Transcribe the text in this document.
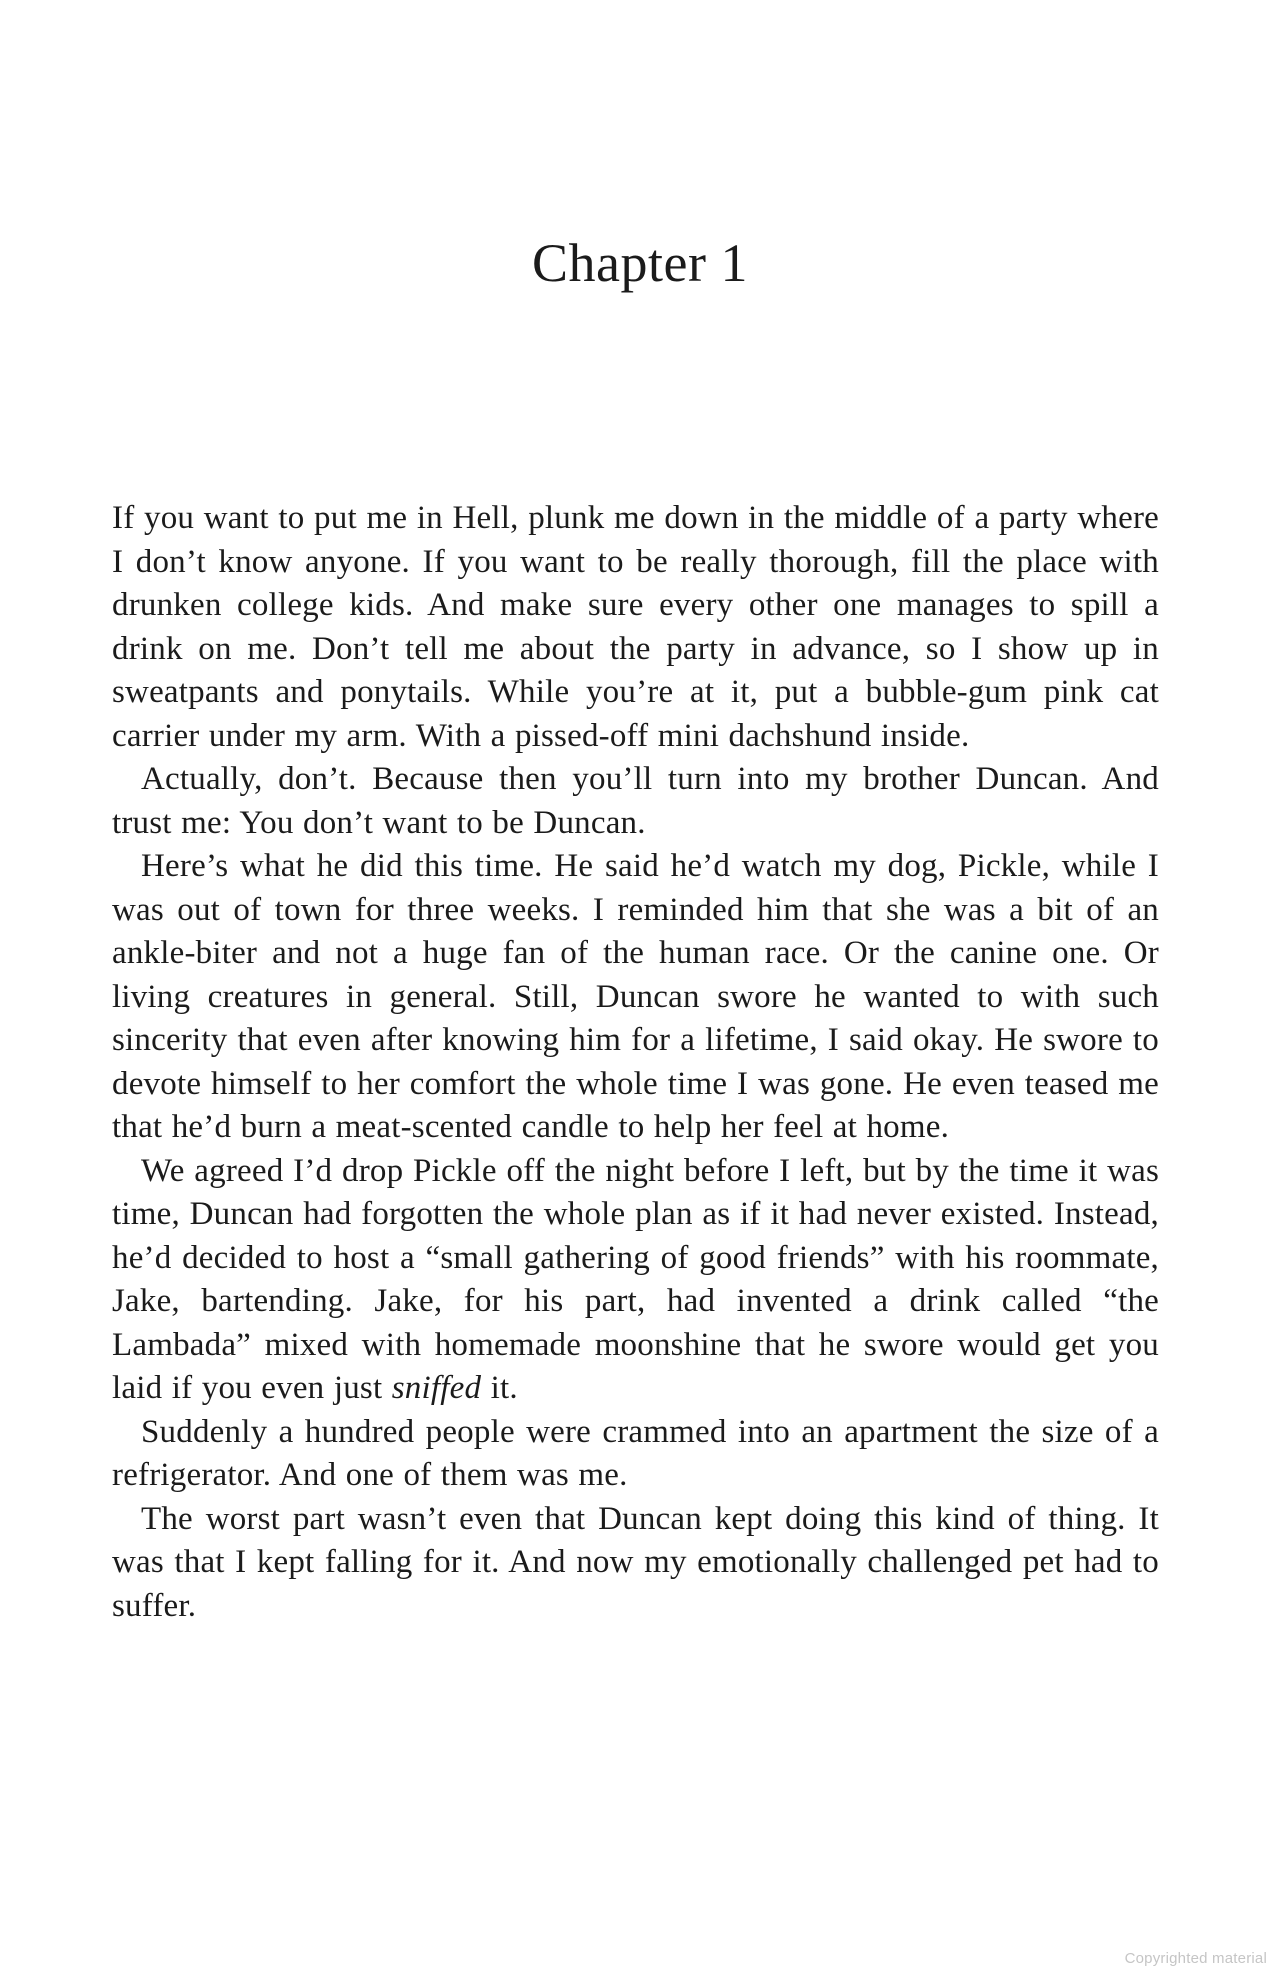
Chapter 1

If you want to put me in Hell, plunk me down in the middle of a party where I don’t know anyone. If you want to be really thorough, fill the place with drunken college kids. And make sure every other one manages to spill a drink on me. Don’t tell me about the party in advance, so I show up in sweatpants and ponytails. While you’re at it, put a bubble-gum pink cat carrier under my arm. With a pissed-off mini dachshund inside.

Actually, don’t. Because then you’ll turn into my brother Duncan. And trust me: You don’t want to be Duncan.

Here’s what he did this time. He said he’d watch my dog, Pickle, while I was out of town for three weeks. I reminded him that she was a bit of an ankle-biter and not a huge fan of the human race. Or the canine one. Or living creatures in general. Still, Duncan swore he wanted to with such sincerity that even after knowing him for a lifetime, I said okay. He swore to devote himself to her comfort the whole time I was gone. He even teased me that he’d burn a meat-scented candle to help her feel at home.

We agreed I’d drop Pickle off the night before I left, but by the time it was time, Duncan had forgotten the whole plan as if it had never existed. Instead, he’d decided to host a “small gathering of good friends” with his roommate, Jake, bartending. Jake, for his part, had invented a drink called “the Lambada” mixed with homemade moonshine that he swore would get you laid if you even just sniffed it.

Suddenly a hundred people were crammed into an apartment the size of a refrigerator. And one of them was me.

The worst part wasn’t even that Duncan kept doing this kind of thing. It was that I kept falling for it. And now my emotionally challenged pet had to suffer.

Copyrighted material
